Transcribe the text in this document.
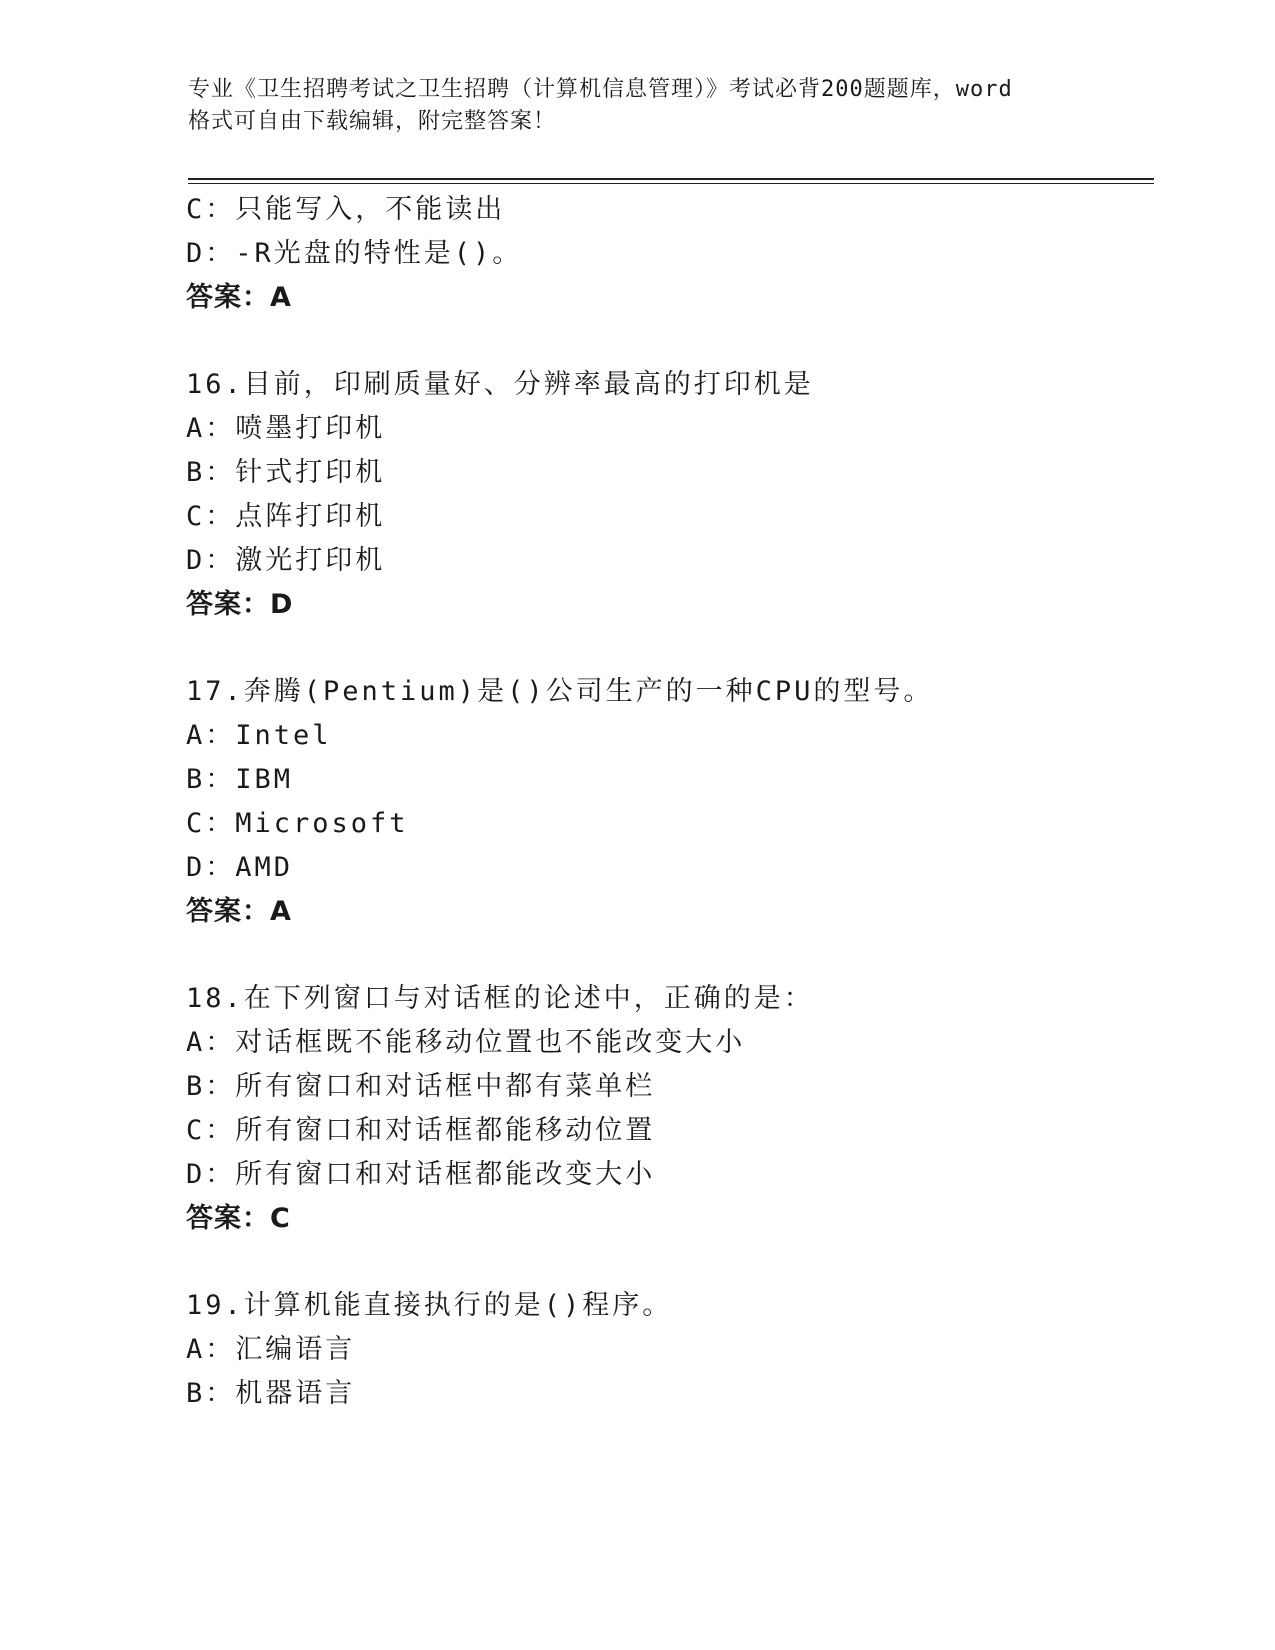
专业《卫生招聘考试之卫生招聘（计算机信息管理）》考试必背200题题库，word
格式可自由下载编辑，附完整答案！
C：只能写入，不能读出
D：-R光盘的特性是()。
答案：A
16.目前，印刷质量好、分辨率最高的打印机是
A：喷墨打印机
B：针式打印机
C：点阵打印机
D：激光打印机
答案：D
17.奔腾(Pentium)是()公司生产的一种CPU的型号。
A：Intel
B：IBM
C：Microsoft
D：AMD
答案：A
18.在下列窗口与对话框的论述中，正确的是：
A：对话框既不能移动位置也不能改变大小
B：所有窗口和对话框中都有菜单栏
C：所有窗口和对话框都能移动位置
D：所有窗口和对话框都能改变大小
答案：C
19.计算机能直接执行的是()程序。
A：汇编语言
B：机器语言
